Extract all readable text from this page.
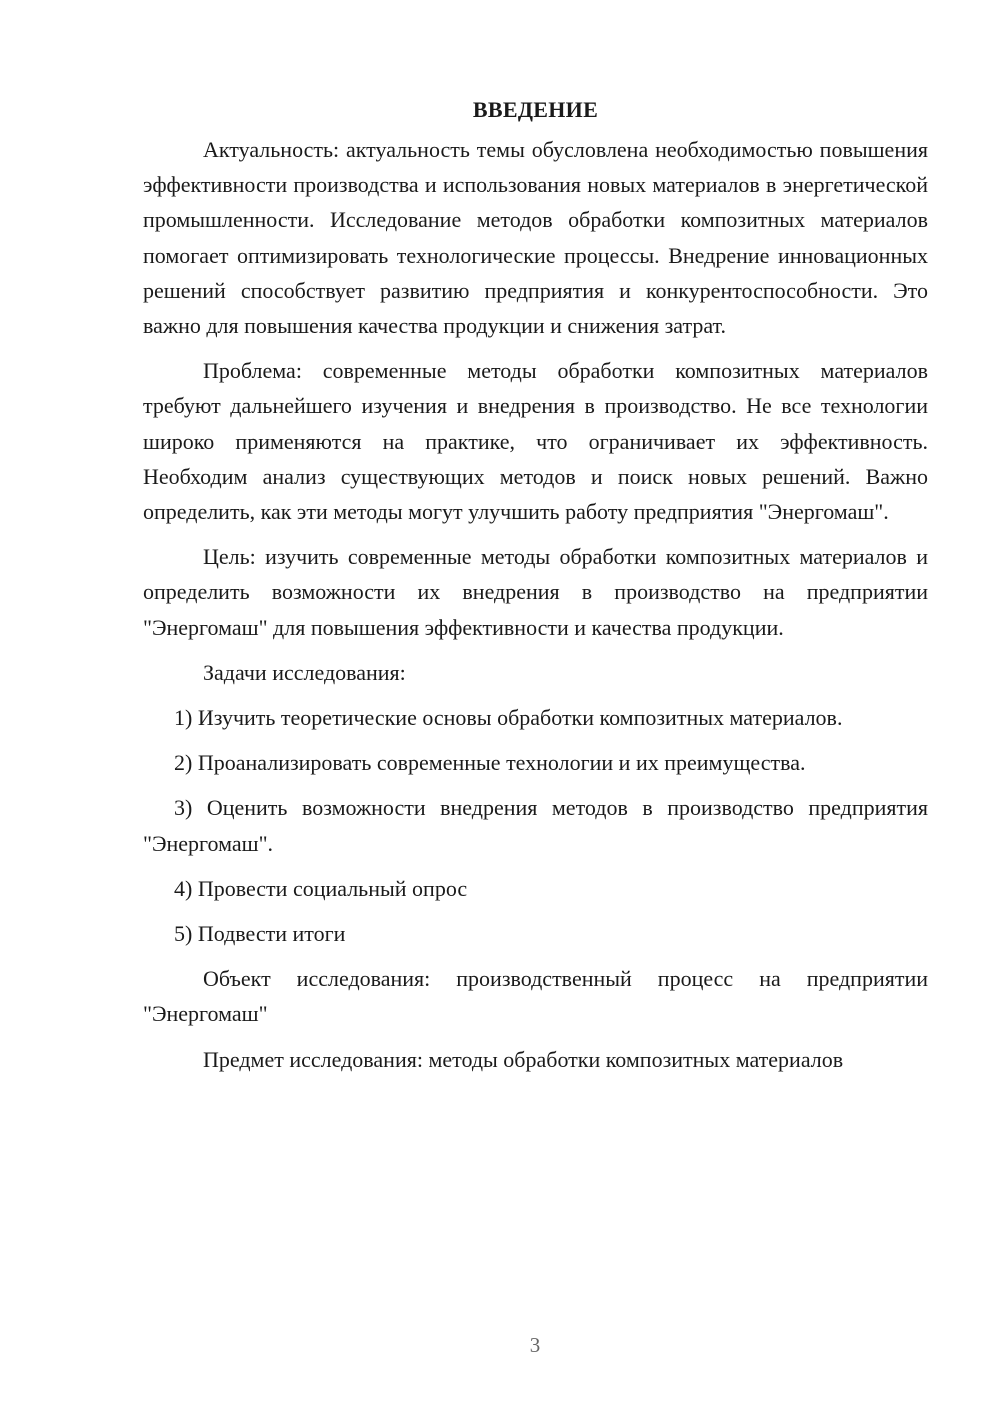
ВВЕДЕНИЕ

Актуальность: актуальность темы обусловлена необходимостью повышения эффективности производства и использования новых материалов в энергетической промышленности. Исследование методов обработки композитных материалов помогает оптимизировать технологические процессы. Внедрение инновационных решений способствует развитию предприятия и конкурентоспособности. Это важно для повышения качества продукции и снижения затрат.

Проблема: современные методы обработки композитных материалов требуют дальнейшего изучения и внедрения в производство. Не все технологии широко применяются на практике, что ограничивает их эффективность. Необходим анализ существующих методов и поиск новых решений. Важно определить, как эти методы могут улучшить работу предприятия "Энергомаш".

Цель: изучить современные методы обработки композитных материалов и определить возможности их внедрения в производство на предприятии "Энергомаш" для повышения эффективности и качества продукции.

Задачи исследования:

1) Изучить теоретические основы обработки композитных материалов.

2) Проанализировать современные технологии и их преимущества.

3) Оценить возможности внедрения методов в производство предприятия "Энергомаш".

4) Провести социальный опрос

5) Подвести итоги

Объект исследования: производственный процесс на предприятии "Энергомаш"

Предмет исследования: методы обработки композитных материалов

3
